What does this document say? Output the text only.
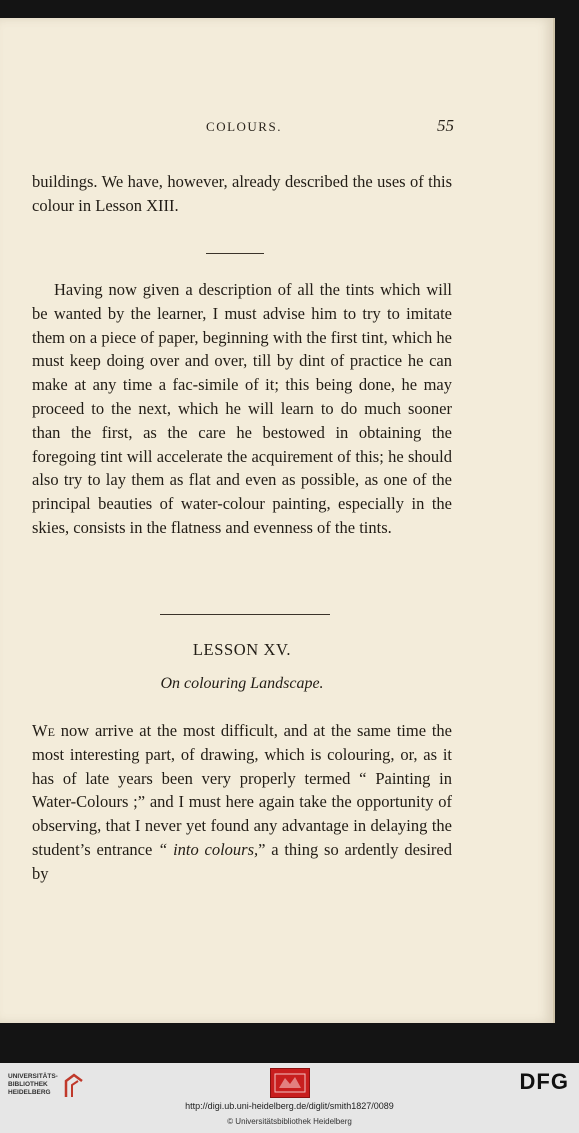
COLOURS.	55
buildings. We have, however, already described the uses of this colour in Lesson XIII.
Having now given a description of all the tints which will be wanted by the learner, I must advise him to try to imitate them on a piece of paper, beginning with the first tint, which he must keep doing over and over, till by dint of practice he can make at any time a fac-simile of it; this being done, he may proceed to the next, which he will learn to do much sooner than the first, as the care he bestowed in obtaining the foregoing tint will accelerate the acquirement of this; he should also try to lay them as flat and even as possible, as one of the principal beauties of water-colour painting, especially in the skies, consists in the flatness and evenness of the tints.
LESSON XV.
On colouring Landscape.
We now arrive at the most difficult, and at the same time the most interesting part, of drawing, which is colouring, or, as it has of late years been very properly termed “ Painting in Water-Colours ;” and I must here again take the opportunity of observing, that I never yet found any advantage in delaying the student’s entrance “ into colours,” a thing so ardently desired by
UNIVERSITÄTS-
BIBLIOTHEK
HEIDELBERG	DFG
http://digi.ub.uni-heidelberg.de/diglit/smith1827/0089
© Universitätsbibliothek Heidelberg
